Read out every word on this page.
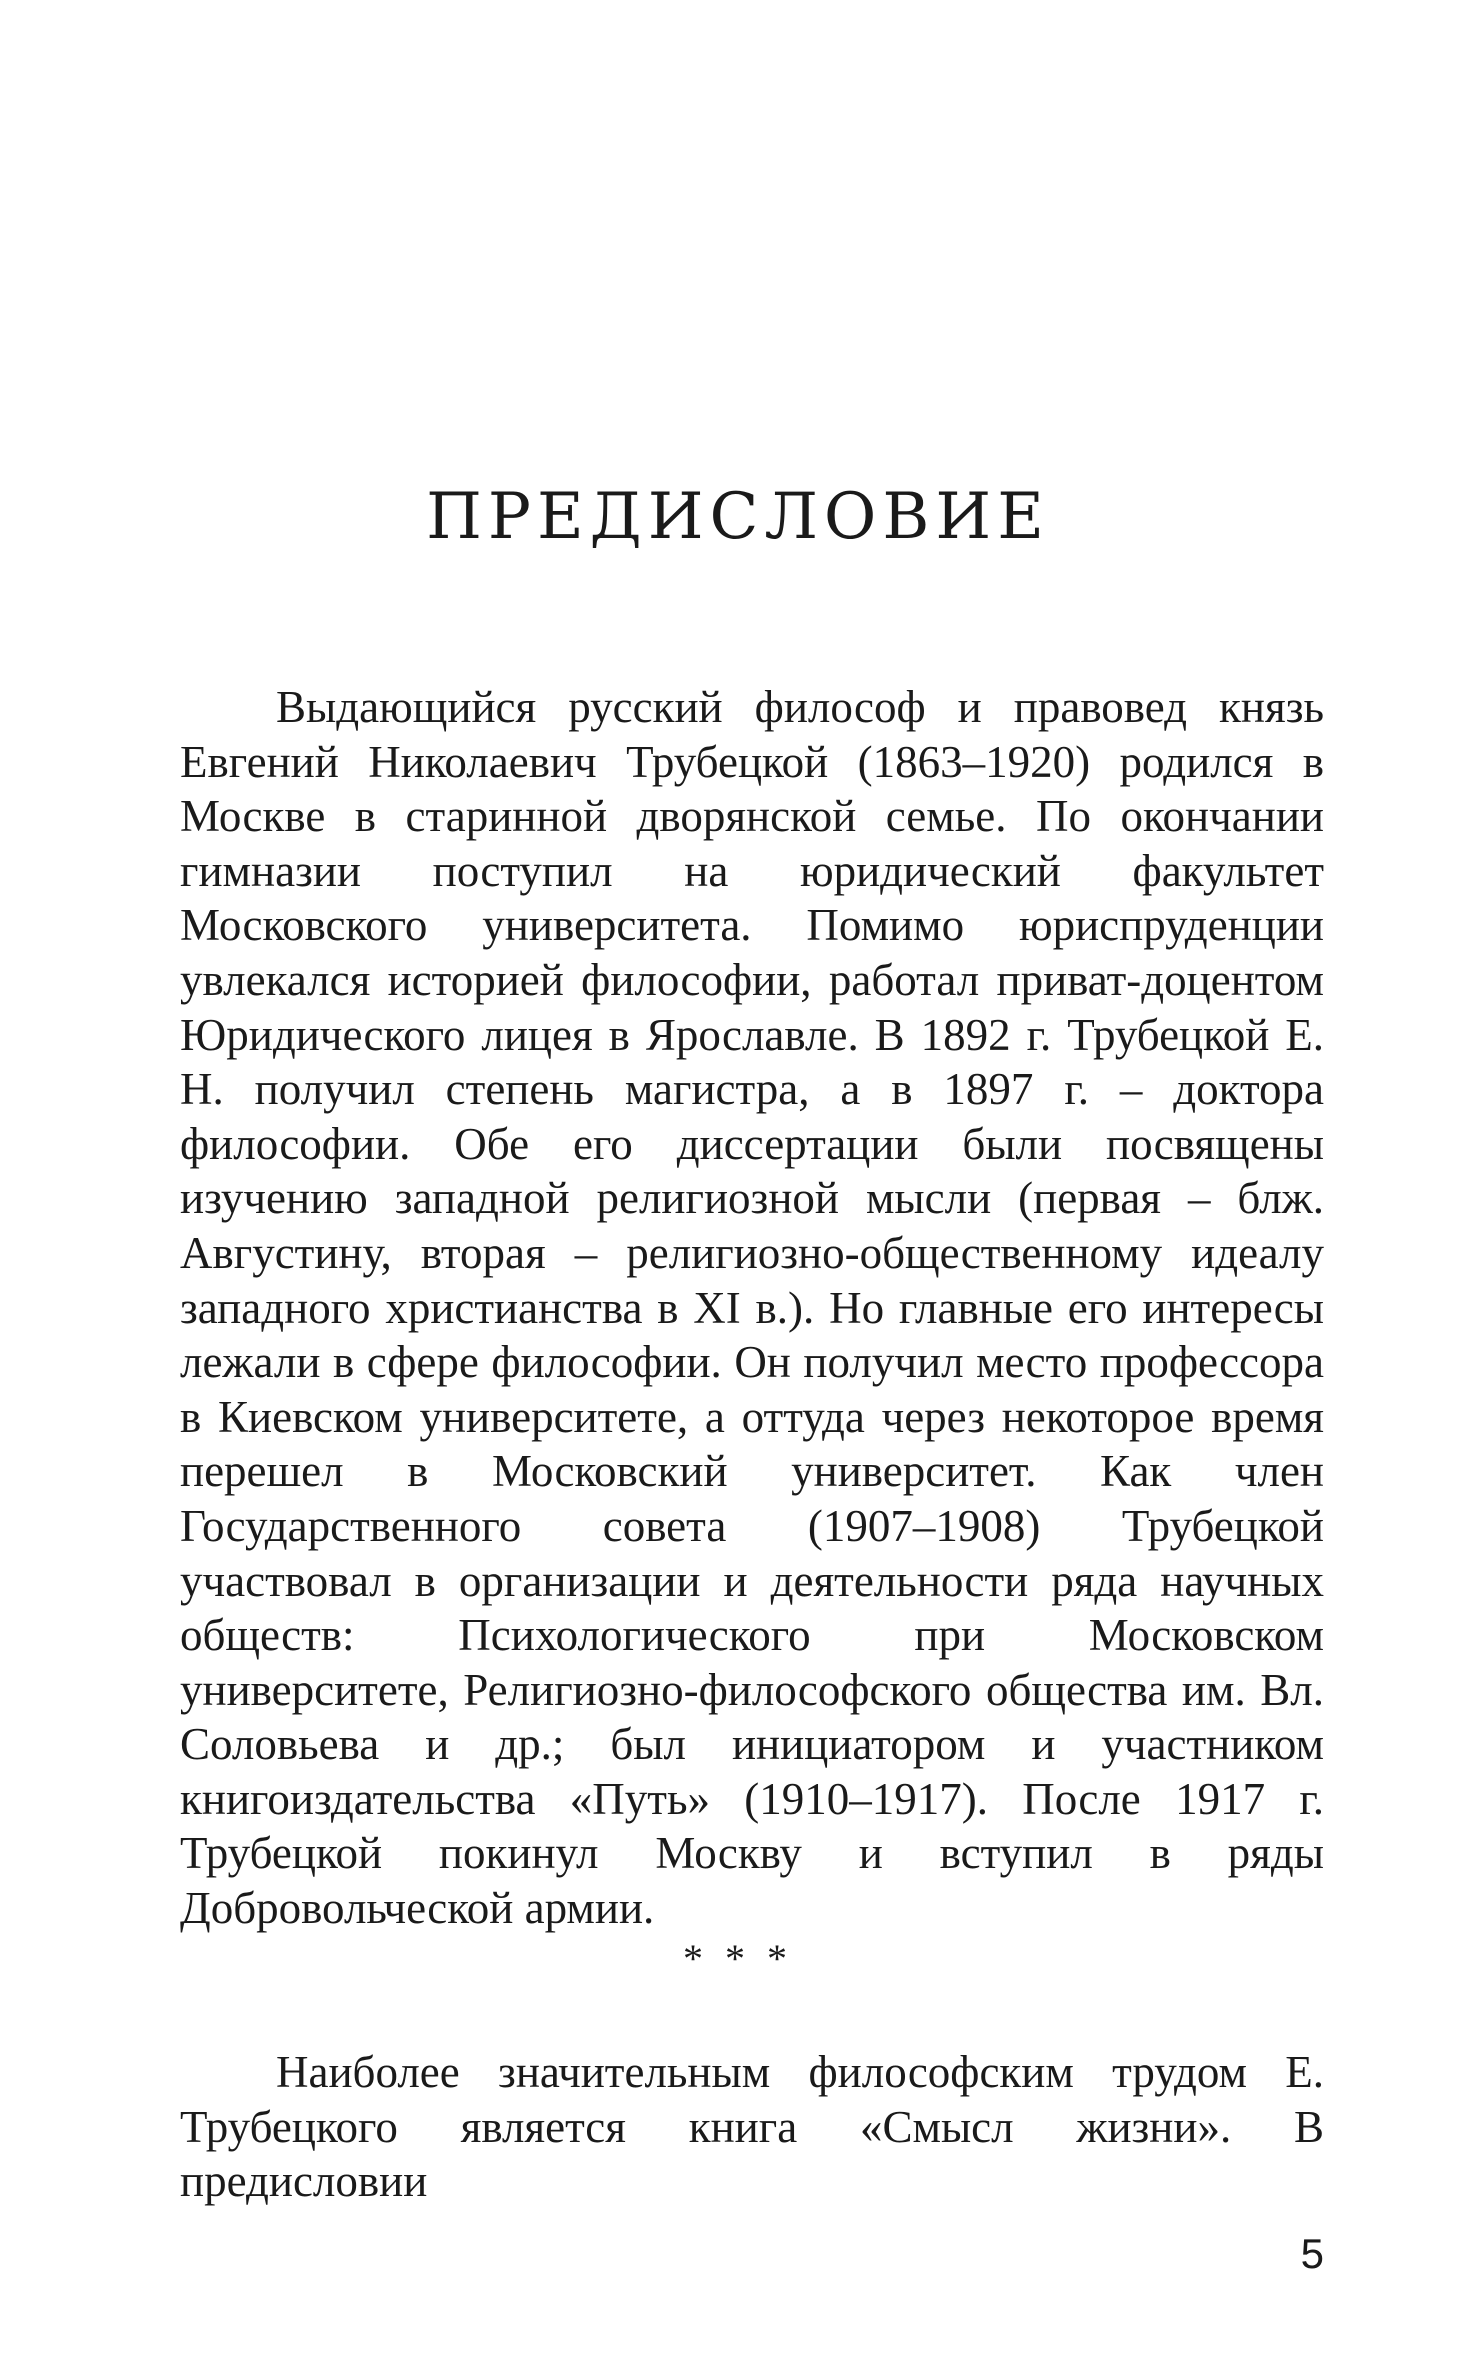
ПРЕДИСЛОВИЕ

Выдающийся русский философ и правовед князь Евгений Николаевич Трубецкой (1863–1920) родился в Москве в старинной дворянской семье. По окончании гимназии поступил на юридический факультет Московского университета. Помимо юриспруденции увлекался историей философии, работал приват-доцентом Юридического лицея в Ярославле. В 1892 г. Трубецкой Е. Н. получил степень магистра, а в 1897 г. – доктора философии. Обе его диссертации были посвящены изучению западной религиозной мысли (первая – блж. Августину, вторая – религиозно-общественному идеалу западного христианства в XI в.). Но главные его интересы лежали в сфере философии. Он получил место профессора в Киевском университете, а оттуда через некоторое время перешел в Московский университет. Как член Государственного совета (1907–1908) Трубецкой участвовал в организации и деятельности ряда научных обществ: Психологического при Московском университете, Религиозно-философского общества им. Вл. Соловьева и др.; был инициатором и участником книгоиздательства «Путь» (1910–1917). После 1917 г. Трубецкой покинул Москву и вступил в ряды Добровольческой армии.

* * *

Наиболее значительным философским трудом Е. Трубецкого является книга «Смысл жизни». В предисловии

5
